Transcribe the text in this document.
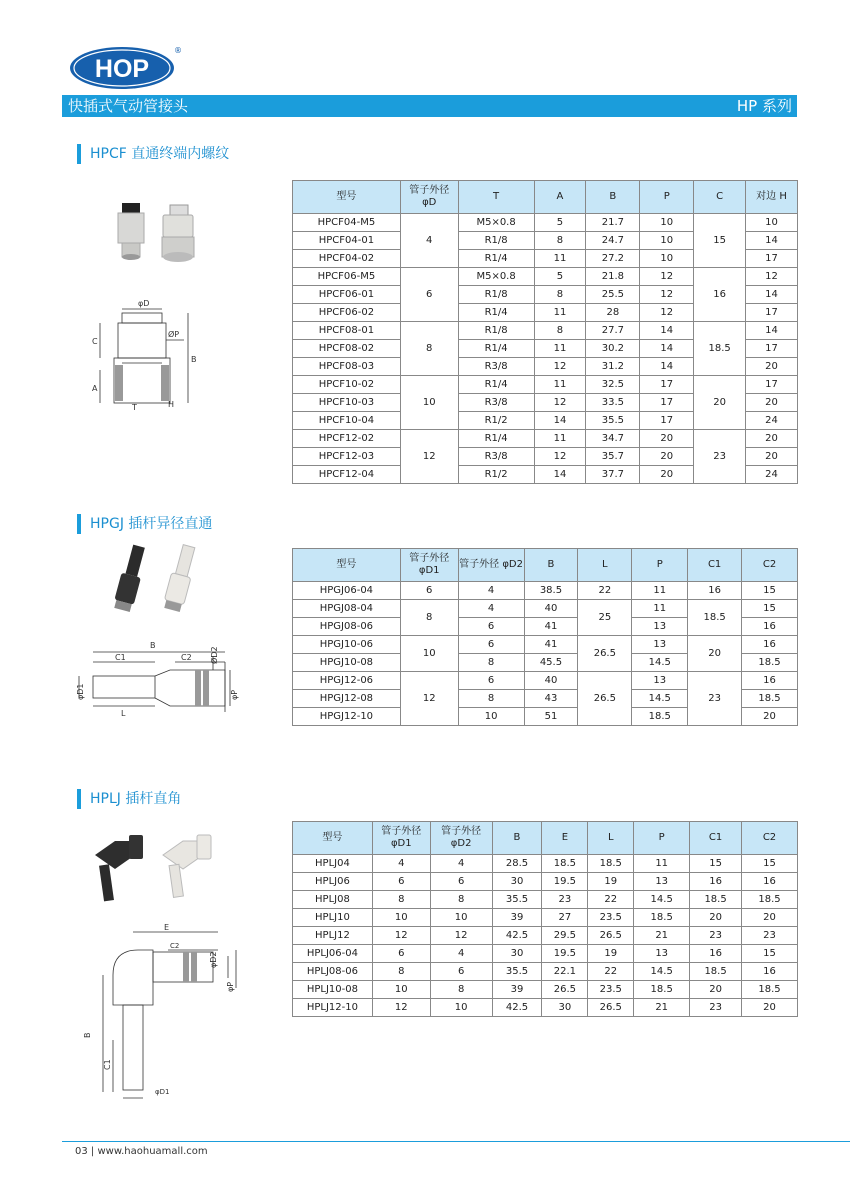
HOP
®
快插式气动管接头	HP 系列
HPCF 直通终端内螺纹
φD
ØP
C
B
A
T	H
型号	管子外径 φD	T	A	B	P	C	对边 H
HPCF04-M5	4	M5×0.8	5	21.7	10	15	10
HPCF04-01		R1/8	8	24.7	10		14
HPCF04-02		R1/4	11	27.2	10		17
HPCF06-M5	6	M5×0.8	5	21.8	12	16	12
HPCF06-01		R1/8	8	25.5	12		14
HPCF06-02		R1/4	11	28	12		17
HPCF08-01	8	R1/8	8	27.7	14	18.5	14
HPCF08-02		R1/4	11	30.2	14		17
HPCF08-03		R3/8	12	31.2	14		20
HPCF10-02	10	R1/4	11	32.5	17	20	17
HPCF10-03		R3/8	12	33.5	17		20
HPCF10-04		R1/2	14	35.5	17		24
HPCF12-02	12	R1/4	11	34.7	20	23	20
HPCF12-03		R3/8	12	35.7	20		20
HPCF12-04		R1/2	14	37.7	20		24
HPGJ 插杆异径直通
B
C1	C2 ØD2
φD1
L
φP
型号	管子外径 φD1	管子外径 φD2	B	L	P	C1	C2
HPGJ06-04	6	4	38.5	22	11	16	15
HPGJ08-04	8	4	40	25	11	18.5	15
HPGJ08-06		6	41		13		16
HPGJ10-06	10	6	41	26.5	13	20	16
HPGJ10-08		8	45.5		14.5		18.5
HPGJ12-06	12	6	40	26.5	13	23	16
HPGJ12-08		8	43		14.5		18.5
HPGJ12-10		10	51		18.5		20
HPLJ 插杆直角
E
C2
φD2
φP
B
C1
φD1
型号	管子外径 φD1	管子外径 φD2	B	E	L	P	C1	C2
HPLJ04	4	4	28.5	18.5	18.5	11	15	15
HPLJ06	6	6	30	19.5	19	13	16	16
HPLJ08	8	8	35.5	23	22	14.5	18.5	18.5
HPLJ10	10	10	39	27	23.5	18.5	20	20
HPLJ12	12	12	42.5	29.5	26.5	21	23	23
HPLJ06-04	6	4	30	19.5	19	13	16	15
HPLJ08-06	8	6	35.5	22.1	22	14.5	18.5	16
HPLJ10-08	10	8	39	26.5	23.5	18.5	20	18.5
HPLJ12-10	12	10	42.5	30	26.5	21	23	20
03 | www.haohuamall.com
